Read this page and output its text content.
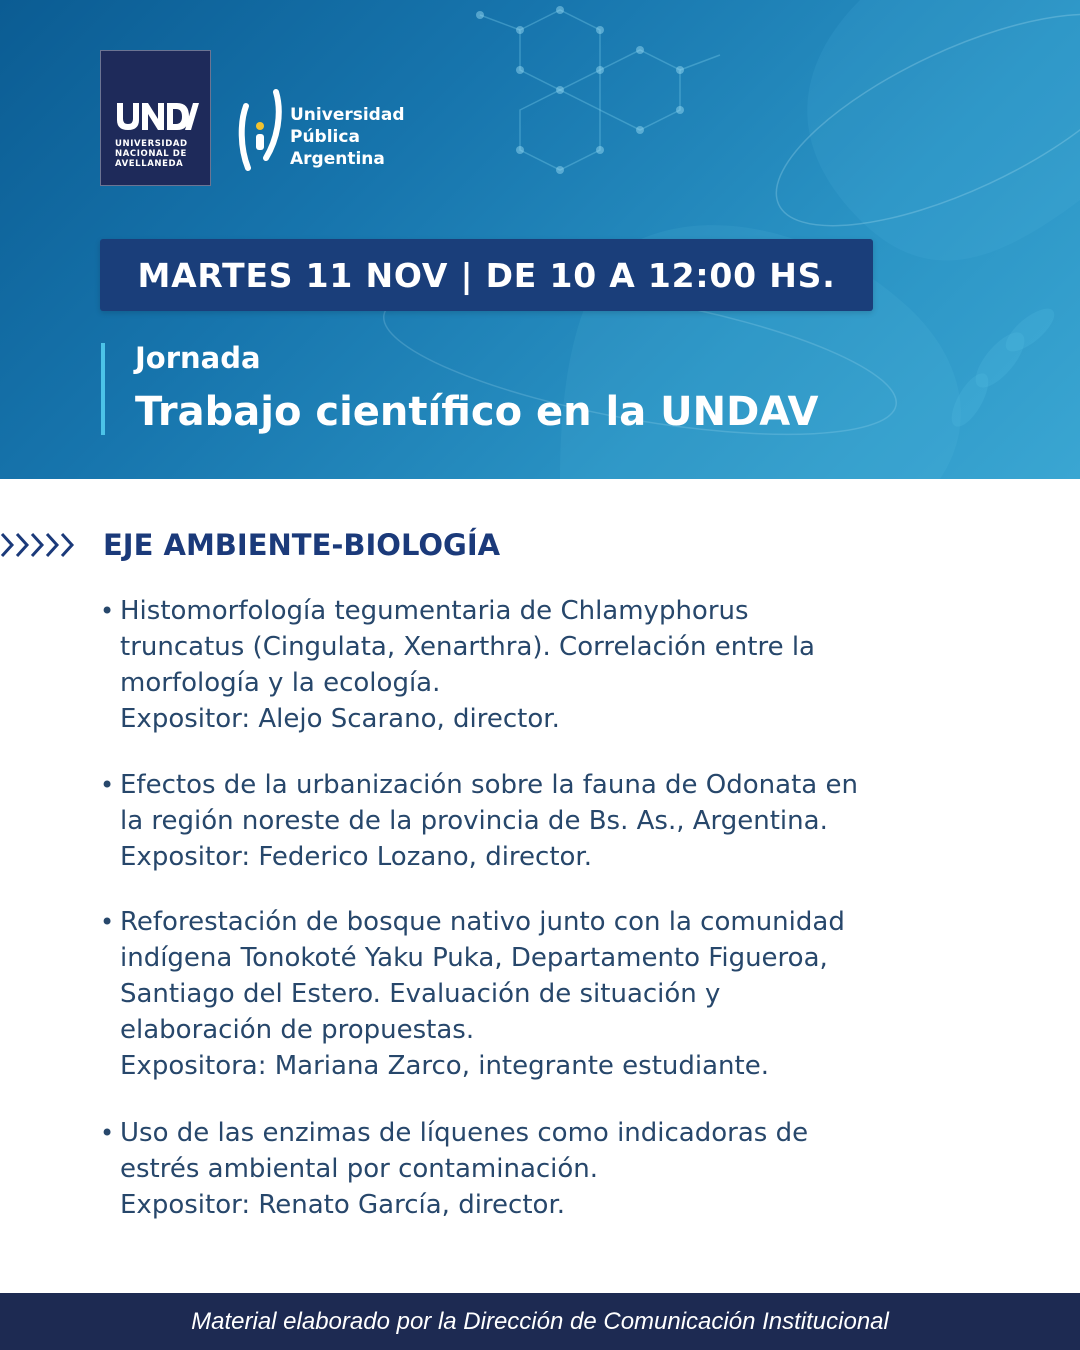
UNIVERSIDAD
NACIONAL DE
AVELLANEDA
Universidad
Pública
Argentina
MARTES 11 NOV | DE 10 A 12:00 HS.
Jornada
Trabajo científico en la UNDAV
EJE AMBIENTE-BIOLOGÍA
• Histomorfología tegumentaria de Chlamyphorus
truncatus (Cingulata, Xenarthra). Correlación entre la
morfología y la ecología.
Expositor: Alejo Scarano, director.
• Efectos de la urbanización sobre la fauna de Odonata en
la región noreste de la provincia de Bs. As., Argentina.
Expositor: Federico Lozano, director.
• Reforestación de bosque nativo junto con la comunidad
indígena Tonokoté Yaku Puka, Departamento Figueroa,
Santiago del Estero. Evaluación de situación y
elaboración de propuestas.
Expositora: Mariana Zarco, integrante estudiante.
• Uso de las enzimas de líquenes como indicadoras de
estrés ambiental por contaminación.
Expositor: Renato García, director.
Material elaborado por la Dirección de Comunicación Institucional
